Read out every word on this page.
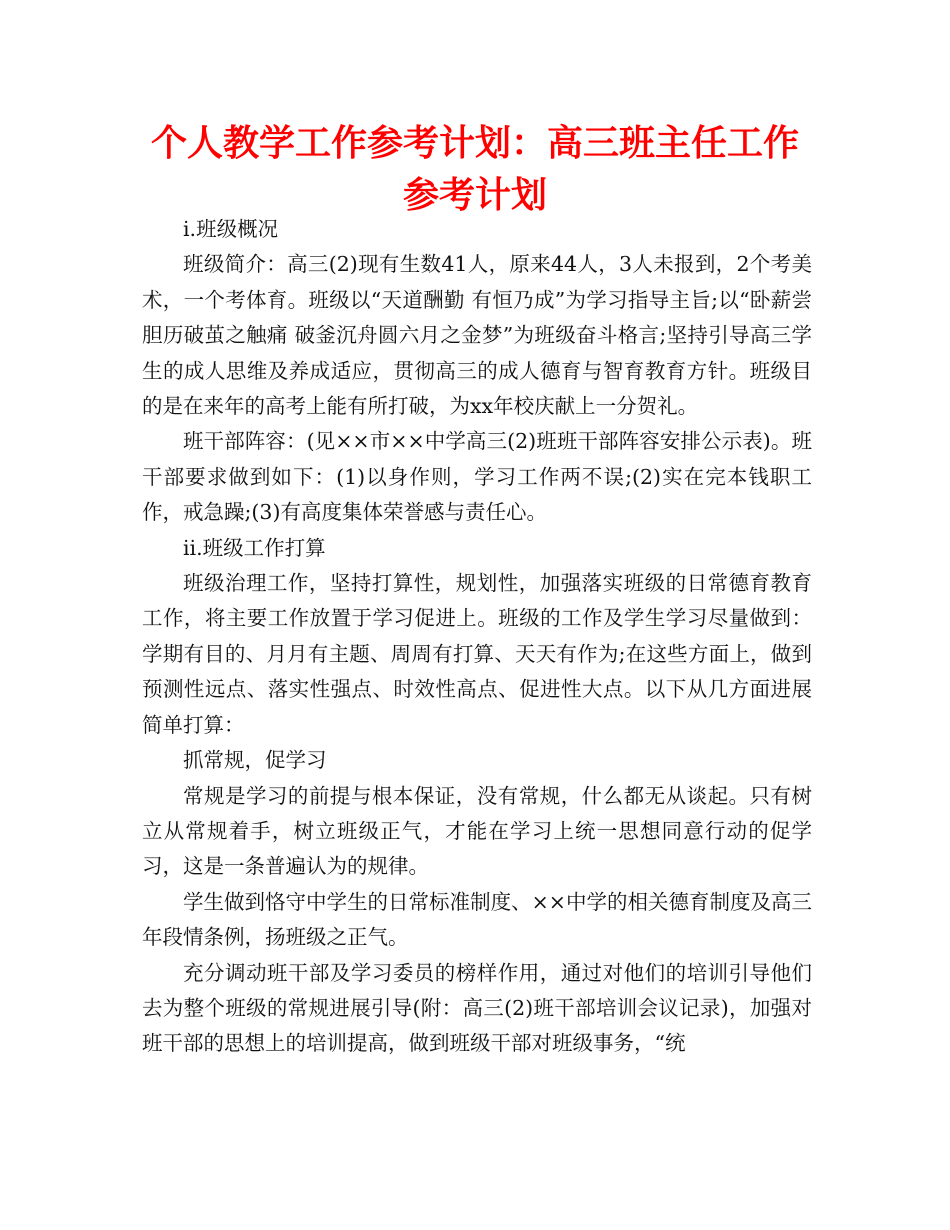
个人教学工作参考计划：高三班主任工作
参考计划

ⅰ.班级概况

班级简介：高三(2)现有生数41人，原来44人，3人未报到，2个考美术，一个考体育。班级以“天道酬勤 有恒乃成”为学习指导主旨;以“卧薪尝胆历破茧之触痛 破釜沉舟圆六月之金梦”为班级奋斗格言;坚持引导高三学生的成人思维及养成适应，贯彻高三的成人德育与智育教育方针。班级目的是在来年的高考上能有所打破，为xx年校庆献上一分贺礼。

班干部阵容：(见××市××中学高三(2)班班干部阵容安排公示表)。班干部要求做到如下：(1)以身作则，学习工作两不误;(2)实在完本钱职工作，戒急躁;(3)有高度集体荣誉感与责任心。

ⅱ.班级工作打算

班级治理工作，坚持打算性，规划性，加强落实班级的日常德育教育工作，将主要工作放置于学习促进上。班级的工作及学生学习尽量做到：学期有目的、月月有主题、周周有打算、天天有作为;在这些方面上，做到预测性远点、落实性强点、时效性高点、促进性大点。以下从几方面进展简单打算：

抓常规，促学习

常规是学习的前提与根本保证，没有常规，什么都无从谈起。只有树立从常规着手，树立班级正气，才能在学习上统一思想同意行动的促学习，这是一条普遍认为的规律。

学生做到恪守中学生的日常标准制度、××中学的相关德育制度及高三年段情条例，扬班级之正气。

充分调动班干部及学习委员的榜样作用，通过对他们的培训引导他们去为整个班级的常规进展引导(附：高三(2)班干部培训会议记录)，加强对班干部的思想上的培训提高，做到班级干部对班级事务，“统
